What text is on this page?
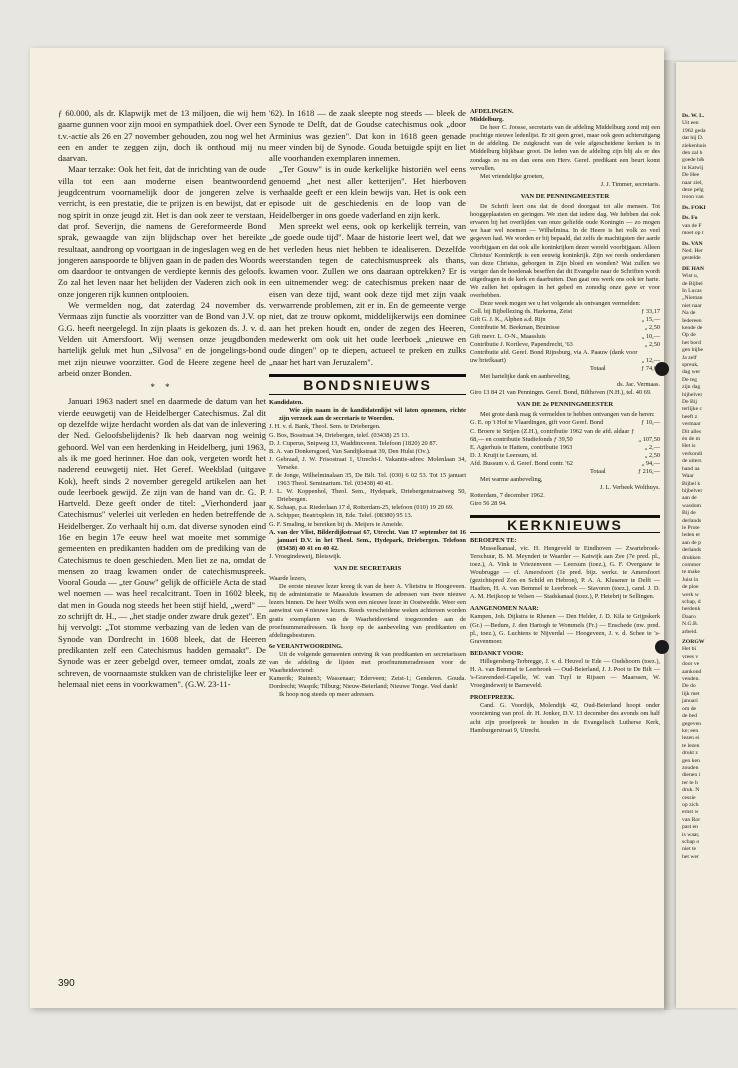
Ds. W. L.
Uit een
1962 geda
dat hij D.
ziekenhuis
den zal h
goede h&
in Katwij
De Hee
naar ziel,
deze pelg
troon van
Ds. FOKI
Ds. Fo
van de F
moet op t
Ds. VAN
Ned. Her
gestelde
DE HAN
Wist u,
de Bijbel
In Lucas
„Nieman
niet naar
Na de
Iedereen
kende de
Op de
het bord
gen bijbe
Ja zelf
spreuk,
dag wer
De teg
zijn dag
bijbelver
De Bij
terlijke c
heeft z
vermaar
Dit alles
én de m
Het is
verkondi
de uiters
hand aa
Waar
Bijbel k
bijbelver
aan de
wasdom
Bij de
derlands
le Prote
leden er
aan de p
derlands
drukken
commer
te make
Juist in
de ploe
werk w
schap, d
herdenk
Daaro
N.G.B.
arbeid.
ZORGW
Het bi
vrees v
door ve
aankond
venden.
De do
lijk met
januari
om de
de bed
gegeven
ke; een
lezen ei
te lezen
drukt z
gen ken
zouden
dienen i
ter te b
druk. N
cessie
op zich
ernst w
van Ror
past en
is waar,
schap o
niet te
het wer

ƒ 60.000, als dr. Klapwijk met de 13 miljoen, die wij hem gaarne gunnen voor zijn mooi en sympathiek doel. Over een t.v.-actie als 26 en 27 november gehouden, zou nog wel het een en ander te zeggen zijn, doch ik onthoud mij nu daarvan.

Maar terzake: Ook het feit, dat de inrichting van de oude villa tot een aan moderne eisen beantwoordend jeugdcentrum voornamelijk door de jongeren zelve is verricht, is een prestatie, die te prijzen is en bewijst, dat er nog spirit in onze jeugd zit. Het is dan ook zeer te verstaan, dat prof. Severijn, die namens de Gereformeerde Bond sprak, gewaagde van zijn blijdschap over het bereikte resultaat, aandrong op voortgaan in de ingeslagen weg en de jongeren aanspoorde te blijven gaan in de paden des Woords om daardoor te ontvangen de verdiepte kennis des geloofs. Zo zal het leven naar het belijden der Vaderen zich ook in onze jongeren rijk kunnen ontplooien.

We vermelden nog, dat zaterdag 24 november ds. Vermaas zijn functie als voorzitter van de Bond van J.V. op G.G. heeft neergelegd. In zijn plaats is gekozen ds. J. v. d. Velden uit Amersfoort. Wij wensen onze jeugdbonden hartelijk geluk met hun „Silvosa" en de jongelings-bond met zijn nieuwe voorzitter. God de Heere zegene heel de arbeid onzer Bonden.

* *

Januari 1963 nadert snel en daarmede de datum van het vierde eeuwgetij van de Heidelberger Catechismus. Zal dit op dezelfde wijze herdacht worden als dat van de inlevering der Ned. Geloofsbelijdenis? Ik heb daarvan nog weinig gehoord. Wel van een herdenking in Heidelberg, juni 1963, als ik me goed herinner. Hoe dan ook, vergeten wordt het naderend eeuwgetij niet. Het Geref. Weekblad (uitgave Kok), heeft sinds 2 november geregeld artikelen aan het oude leerboek gewijd. Ze zijn van de hand van dr. G. P. Hartveld. Deze geeft onder de titel: „Vierhonderd jaar Catechismus" velerlei uit verleden en heden betreffende de Heidelberger. Zo verhaalt hij o.m. dat diverse synoden eind 16e en begin 17e eeuw heel wat moeite met sommige gemeenten en predikanten hadden om de prediking van de Catechismus te doen geschieden. Men liet ze na, omdat de mensen zo traag kwamen onder de catechismuspreek. Vooral Gouda — „ter Gouw" gelijk de officiële Acta de stad wel noemen — was heel recalcitrant. Toen in 1602 bleek, dat men in Gouda nog steeds het been stijf hield, „werd" — zo schrijft dr. H., — „het stadje onder zware druk gezet". En hij vervolgt: „Tot stomme verbazing van de leden van de Synode van Dordrecht in 1608 bleek, dat de Heeren predikanten zelf een Catechismus hadden gemaakt". De Synode was er zeer gebelgd over, temeer omdat, zoals ze schreven, de voornaamste stukken van de christelijke leer er helemaal niet eens in voorkwamen". (G.W. 23-11-

'62). In 1618 — de zaak sleepte nog steeds — bleek de Synode te Delft, dat de Goudse catechismus ook „door Arminius was gezien". Dat kon in 1618 geen genade meer vinden bij de Synode. Gouda betuigde spijt en liet alle voorhanden exemplaren innemen.

„Ter Gouw" is in oude kerkelijke historiën wel eens genoemd „het nest aller ketterijen". Het hierboven verhaalde geeft er een klein bewijs van. Het is ook een episode uit de geschiedenis en de loop van de Heidelberger in ons goede vaderland en zijn kerk.

Men spreekt wel eens, ook op kerkelijk terrein, van „de goede oude tijd". Maar de historie leert wel, dat we het verleden heus niet hebben te idealiseren. Dezelfde weerstanden tegen de catechismuspreek als thans, kwamen voor. Zullen we ons daaraan optrekken? Er is een uitnemender weg: de catechismus preken naar de eisen van deze tijd, want ook deze tijd met zijn vaak verwarrende problemen, zit er in. En de gemeente verge niet, dat ze trouw opkomt, middelijkerwijs een dominee aan het preken houdt en, onder de zegen des Heeren, medewerkt om ook uit het oude leerboek „nieuwe en oude dingen" op te diepen, actueel te preken en zulks „naar het hart van Jeruzalem".

BONDSNIEUWS

Kandidaten.

Wie zijn naam in de kandidatenlijst wil laten opnemen, richte zijn verzoek aan de secretaris te Woerden.

J. H. v. d. Bank, Theol. Sem. te Driebergen.

G. Bos, Bosstraat 34, Driebergen, telef. (03438) 25 13.

D. J. Cuperus, Snipweg 13, Waddinxveen. Telefoon (1820) 20 87.

B. A. van Donkersgoed, Van Sandijkstraat 39, Den Hulst (Ov.).

J. Gebraad, J. W. Frisostraat 1, Utrecht-I. Vakantie-adres: Molenlaan 34, Yerseke.

F. de Jonge, Wilhelminalaan 35, De Bilt. Tel. (030) 6 02 53. Tot 15 januari 1963 Theol. Seminarium. Tel. (03438) 40 41.

J. L. W. Koppenhol, Theol. Sem., Hydepark, Driebergenstraatweg 50, Driebergen.

K. Schaap, p.a. Riederlaan 17 d, Rotterdam-25, telefoon (010) 19 20 69.

A. Schipper, Beatrixplein 18, Ede. Telef. (08380) 95 13.

G. F. Smaling, te bereiken bij ds. Meijers te Ameide.

A. van der Vlist, Bilderdijkstraat 67, Utrecht. Van 17 september tot 16 januari D.V. in het Theol. Sem., Hydepark, Driebergen. Telefoon (03438) 40 41 en 40 42.

J. Vroegindeweij, Bleiswijk.

VAN DE SECRETARIS

Waarde lezers,

De eerste nieuwe lezer kreeg ik van de heer A. Vlietstra te Hoogeveen. Bij de administratie te Maassluis kwamen de adressen van twee nieuwe lezers binnen. De heer Wolfs won een nieuwe lezer in Oostwedde. Weer een aanwinst van 4 nieuwe lezers. Reeds verscheidene weken achtereen worden gratis exemplaren van de Waarheidsvriend toegezonden aan de proefnummeradressen. Ik hoop op de aanbeveling van predikanten en afdelingsbesturen.

6e VERANTWOORDING.

Uit de volgende gemeenten ontving ik van predikanten en secretarissen van de afdeling de lijsten met proefnummeradressen voor de Waarheidsvriend:

Kamerik; Ruinen3; Wassenaar; Ederveen; Zeist-1; Genderen. Gouda. Dordrecht; Waspik; Tilburg; Nieuw-Beierland; Nieuwe Tonge. Veel dank!

Ik hoop nog steeds op meer adressen.

AFDELINGEN.

Middelburg.

De heer C. Joosse, secretaris van de afdeling Middelburg zond mij een prachtige nieuwe ledenlijst. Er zit geen groei, maar ook geen achteruitgang in de afdeling. De zuigkracht van de vele afgescheidene kerken is in Middelburg blijkbaar groot. De leden van de afdeling zijn blij als er des zondags zo nu en dan eens een Herv. Geref. predikant een beurt komt vervullen.

Met vriendelijke groeten,

J. J. Timmer, secretaris.

VAN DE PENNINGMEESTER

De Schrift leert ons dat de dood doorgaat tot alle mensen. Tot hooggeplaatsten en geringen. We zien dat iedere dag. We hebben dat ook ervaren bij het overlijden van onze geliefde oude Koningin — zo mogen we haar wel noemen — Wilhelmina. In de Heere is het volk zo veel gegeven had. We worden er bij bepaald, dat zelfs de machtigsten der aarde voorbijgaan en dat ook alle koninkrijken dezer wereld voorbijgaan. Alleen Christus' Koninkrijk is een eeuwig koninkrijk. Zijn we reeds onderdanen van deze Christus, geborgen in Zijn bloed en wonden? Wat zullen we vuriger dan de hoedenak beseffen dat dit Evangelie naar de Schriften wordt uitgedragen in de kerk en daarbuiten. Dan gaat ons werk ons ook ter harte. We zullen het opdragen in het gebed en zonodig onze gave er voor overhebben.

Deze week mogen we u het volgende als ontvangen vermelden:

Coll. bij Bijbellezing ds. Harkema, Zeist	ƒ 33,17
Gift G. J. K., Alphen a.d. Rijn	„ 15,—
Contributie M. Beekman, Bruinisse	„ 2,50
Gift mevr. L. O-N., Maassluis	„ 10,—
Contributie J. Kortleve, Papendrecht, '63	„ 2,50
Contributie afd. Geref. Bond Rijnsburg, via A. Paauw (dank voor uw briefkaart)	„ 12,—
Totaal	ƒ 74,67

Met hartelijke dank en aanbeveling,

ds. Jac. Vermaas.

Giro 13 84 21 van Penningm. Geref. Bond, Bilthoven (N.H.), tel. 40 69.

VAN DE 2e PENNINGMEESTER

Met grote dank mag ik vermelden te hebben ontvangen van de heren:

G. E. op 't Hof te Vlaardingen, gift voor Geref. Bond	ƒ 10,—
C. Broere te Strijen (Z.H.), contributie 1962 van de afd. aldaar ƒ 68,— en contributie Studiefonds ƒ 39,50	„ 107,50
E. Agterhuis te Hattem, contributie 1963	„ 2,—
D. J. Kruijt te Leersum, id.	„ 2,50
Afd. Bussum v. d. Geref. Bond contr. '62	„ 94,—
Totaal	ƒ 216,—

Met warme aanbeveling,

J. L. Verbeek Wolthuys.

Rotterdam, 7 december 1962.

Giro 56 28 94.

KERKNIEUWS

BEROEPEN TE:

Musselkanaal, vic. H. Hengeveld te Eindhoven — Zwartebroek-Terschuur, B. M. Meynderi te Waarder — Katwijk aan Zee (7e pred. pl., toez.), A. Vink te Vriezenveen — Leersum (toez.), G. F. Overgauw te Woubrugge — cf. Amersfoort (1e pred. bijz. werkz. te Amersfoort (gezichtspred Zon en Schild en Hebron), P. A. A. Klusener te Delft — Haaften, H. A. van Bemmel te Leerbroek — Stavoren (toez.), cand. J. D. A. M. Heijkoop te Velsen — Stadskanaal (toez.), P. Hetebrij te Sellingen.

AANGENOMEN NAAR:

Kampen, Joh. Dijkstra te Rhenen — Den Helder, J. D. Kila te Grijpskerk (Gr.) —Bedum, J. den Hartogh te Wommels (Fr.) — Enschede (nw. pred. pl., toez.), G. Luchtens te Nijverdal — Hoogeveen, J. v. d. Schee te 's-Gravenmoer.

BEDANKT VOOR:

Hillegersberg-Terbregge, J. v. d. Heuvel te Ede — Oudshoorn (toez.), H. A. van Bemmel te Leerbroek — Oud-Beierland, J. J. Poot te De Bilt — 's-Gravendeel-Capelle, W. van Tuyl te Rijssen — Maarssen, W. Vroegindeweij te Barneveld.

PROEFPREEK.

Cand. G. Voordijk, Molendijk 42, Oud-Beierland hoopt onder voorziening van prof. dr. H. Jonker, D.V. 13 december des avonds om half acht zijn proefpreek te houden in de Evangelisch Lutherse Kerk, Hamburgerstraat 9, Utrecht.

390
